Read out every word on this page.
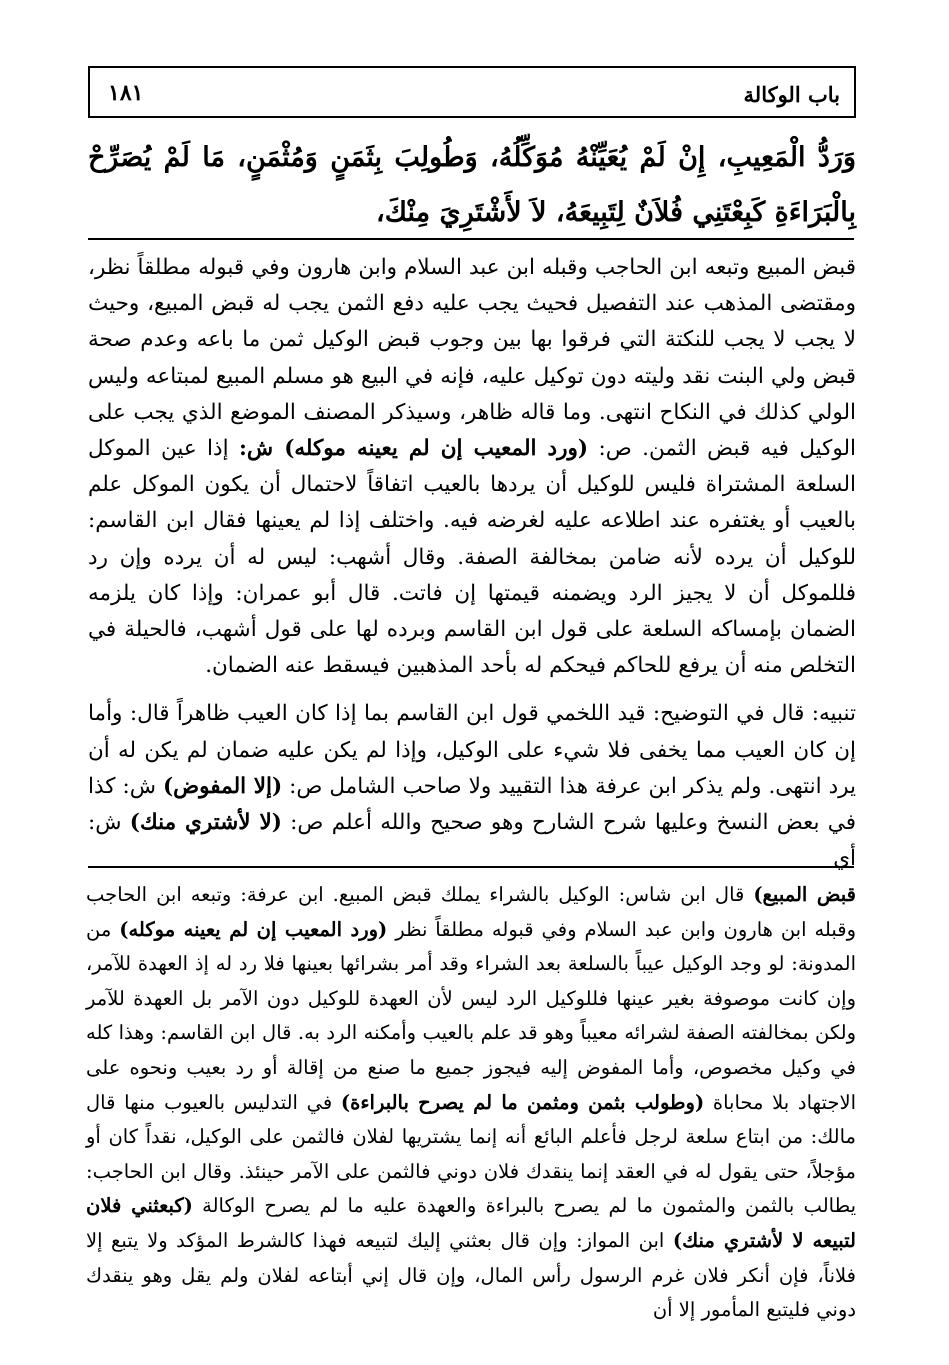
باب الوكالة
١٨١
وَرَدُّ الْمَعِيبِ، إِنْ لَمْ يُعَيِّنْهُ مُوَكِّلُهُ، وَطُولِبَ بِثَمَنٍ وَمُثْمَنٍ، مَا لَمْ يُصَرِّحْ بِالْبَرَاءَةِ كَبِعْتَنِي فُلاَنٌ لِتَبِيعَهُ، لاَ لأَشْتَرِيَ مِنْكَ،

قبض المبيع وتبعه ابن الحاجب وقبله ابن عبد السلام وابن هارون وفي قبوله مطلقاً نظر، ومقتضى المذهب عند التفصيل فحيث يجب عليه دفع الثمن يجب له قبض المبيع، وحيث لا يجب لا يجب للنكتة التي فرقوا بها بين وجوب قبض الوكيل ثمن ما باعه وعدم صحة قبض ولي البنت نقد وليته دون توكيل عليه، فإنه في البيع هو مسلم المبيع لمبتاعه وليس الولي كذلك في النكاح انتهى. وما قاله ظاهر، وسيذكر المصنف الموضع الذي يجب على الوكيل فيه قبض الثمن. ص: (ورد المعيب إن لم يعينه موكله) ش: إذا عين الموكل السلعة المشتراة فليس للوكيل أن يردها بالعيب اتفاقاً لاحتمال أن يكون الموكل علم بالعيب أو يغتفره عند اطلاعه عليه لغرضه فيه. واختلف إذا لم يعينها فقال ابن القاسم: للوكيل أن يرده لأنه ضامن بمخالفة الصفة. وقال أشهب: ليس له أن يرده وإن رد فللموكل أن لا يجيز الرد ويضمنه قيمتها إن فاتت. قال أبو عمران: وإذا كان يلزمه الضمان بإمساكه السلعة على قول ابن القاسم وبرده لها على قول أشهب، فالحيلة في التخلص منه أن يرفع للحاكم فيحكم له بأحد المذهبين فيسقط عنه الضمان.

تنبيه: قال في التوضيح: قيد اللخمي قول ابن القاسم بما إذا كان العيب ظاهراً قال: وأما إن كان العيب مما يخفى فلا شيء على الوكيل، وإذا لم يكن عليه ضمان لم يكن له أن يرد انتهى. ولم يذكر ابن عرفة هذا التقييد ولا صاحب الشامل ص: (إلا المفوض) ش: كذا في بعض النسخ وعليها شرح الشارح وهو صحيح والله أعلم ص: (لا لأشتري منك) ش: أي

قبض المبيع) قال ابن شاس: الوكيل بالشراء يملك قبض المبيع. ابن عرفة: وتبعه ابن الحاجب وقبله ابن هارون وابن عبد السلام وفي قبوله مطلقاً نظر (ورد المعيب إن لم يعينه موكله) من المدونة: لو وجد الوكيل عيباً بالسلعة بعد الشراء وقد أمر بشرائها بعينها فلا رد له إذ العهدة للآمر، وإن كانت موصوفة بغير عينها فللوكيل الرد ليس لأن العهدة للوكيل دون الآمر بل العهدة للآمر ولكن بمخالفته الصفة لشرائه معيباً وهو قد علم بالعيب وأمكنه الرد به. قال ابن القاسم: وهذا كله في وكيل مخصوص، وأما المفوض إليه فيجوز جميع ما صنع من إقالة أو رد بعيب ونحوه على الاجتهاد بلا محاباة (وطولب بثمن ومثمن ما لم يصرح بالبراءة) في التدليس بالعيوب منها قال مالك: من ابتاع سلعة لرجل فأعلم البائع أنه إنما يشتريها لفلان فالثمن على الوكيل، نقداً كان أو مؤجلاً، حتى يقول له في العقد إنما ينقدك فلان دوني فالثمن على الآمر حينئذ. وقال ابن الحاجب: يطالب بالثمن والمثمون ما لم يصرح بالبراءة والعهدة عليه ما لم يصرح الوكالة (كبعثني فلان لتبيعه لا لأشتري منك) ابن المواز: وإن قال بعثني إليك لتبيعه فهذا كالشرط المؤكد ولا يتبع إلا فلاناً، فإن أنكر فلان غرم الرسول رأس المال، وإن قال إني أبتاعه لفلان ولم يقل وهو ينقدك دوني فليتبع المأمور إلا أن
